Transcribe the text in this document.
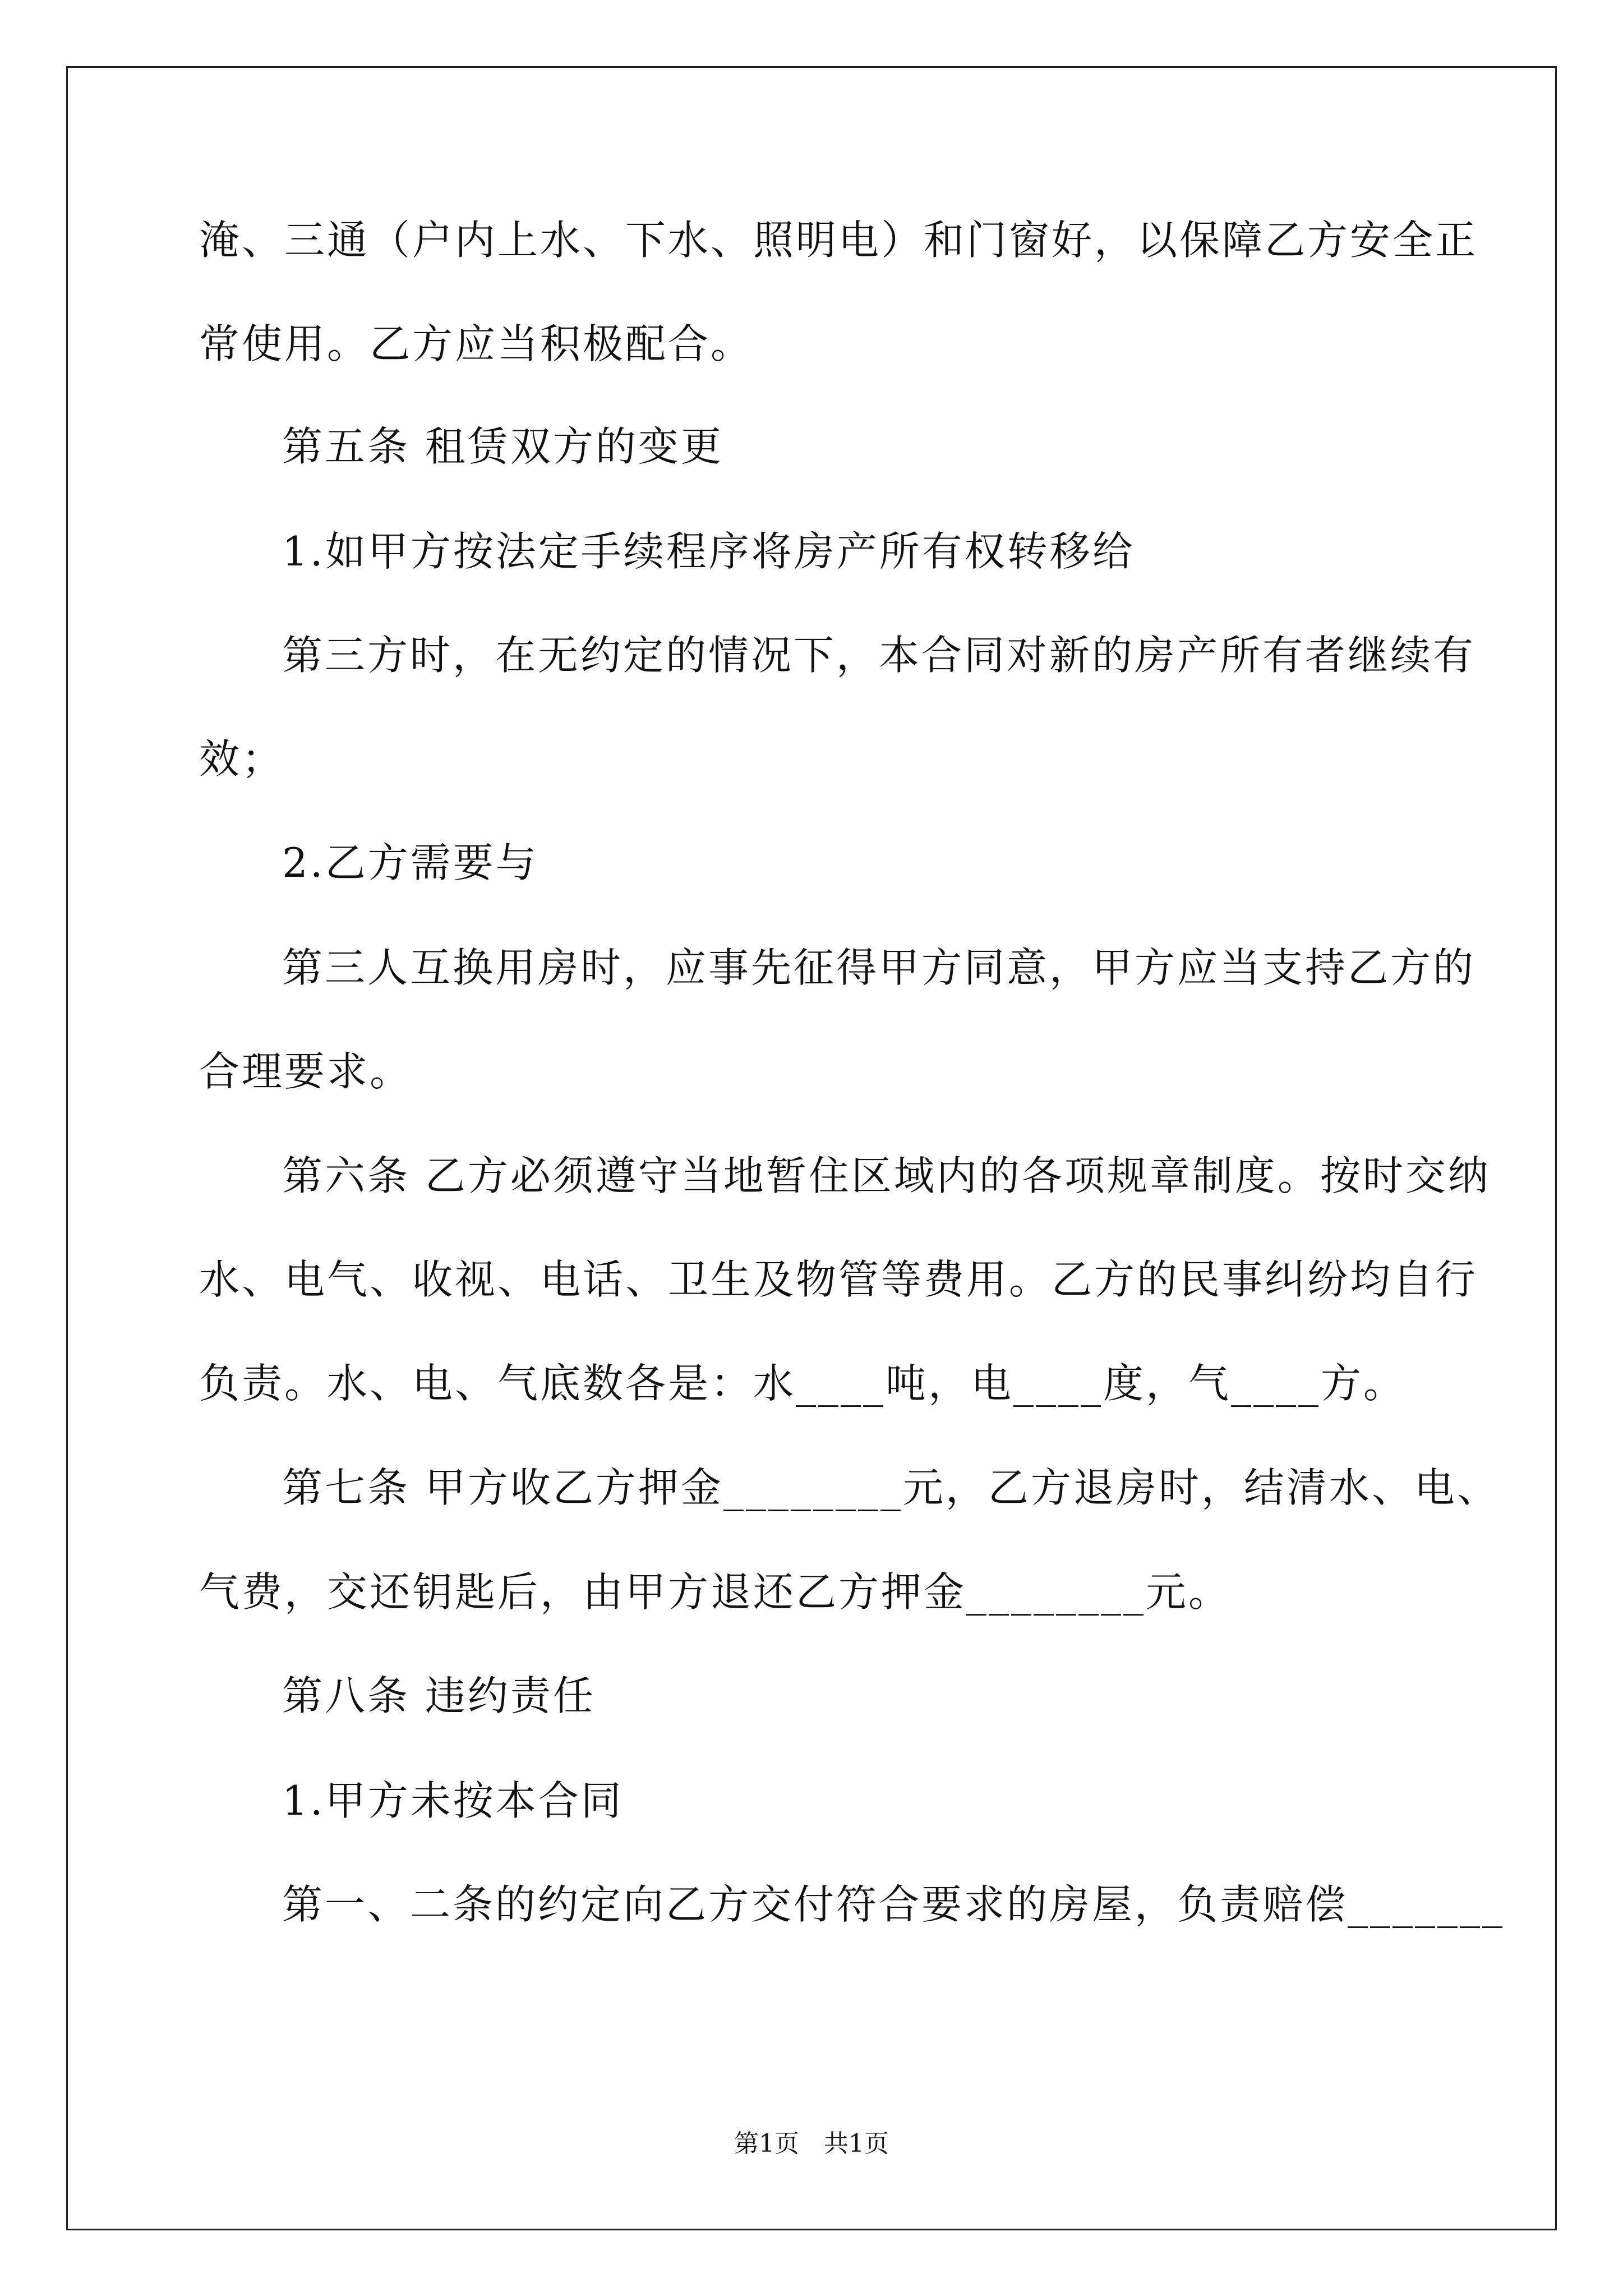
淹、三通（户内上水、下水、照明电）和门窗好，以保障乙方安全正
常使用。乙方应当积极配合。
第五条 租赁双方的变更
1.如甲方按法定手续程序将房产所有权转移给
第三方时，在无约定的情况下，本合同对新的房产所有者继续有
效；
2.乙方需要与
第三人互换用房时，应事先征得甲方同意，甲方应当支持乙方的
合理要求。
第六条 乙方必须遵守当地暂住区域内的各项规章制度。按时交纳
水、电气、收视、电话、卫生及物管等费用。乙方的民事纠纷均自行
负责。水、电、气底数各是：水____吨，电____度，气____方。
第七条 甲方收乙方押金________元，乙方退房时，结清水、电、
气费，交还钥匙后，由甲方退还乙方押金________元。
第八条 违约责任
1.甲方未按本合同
第一、二条的约定向乙方交付符合要求的房屋，负责赔偿_______
第1页　共1页
